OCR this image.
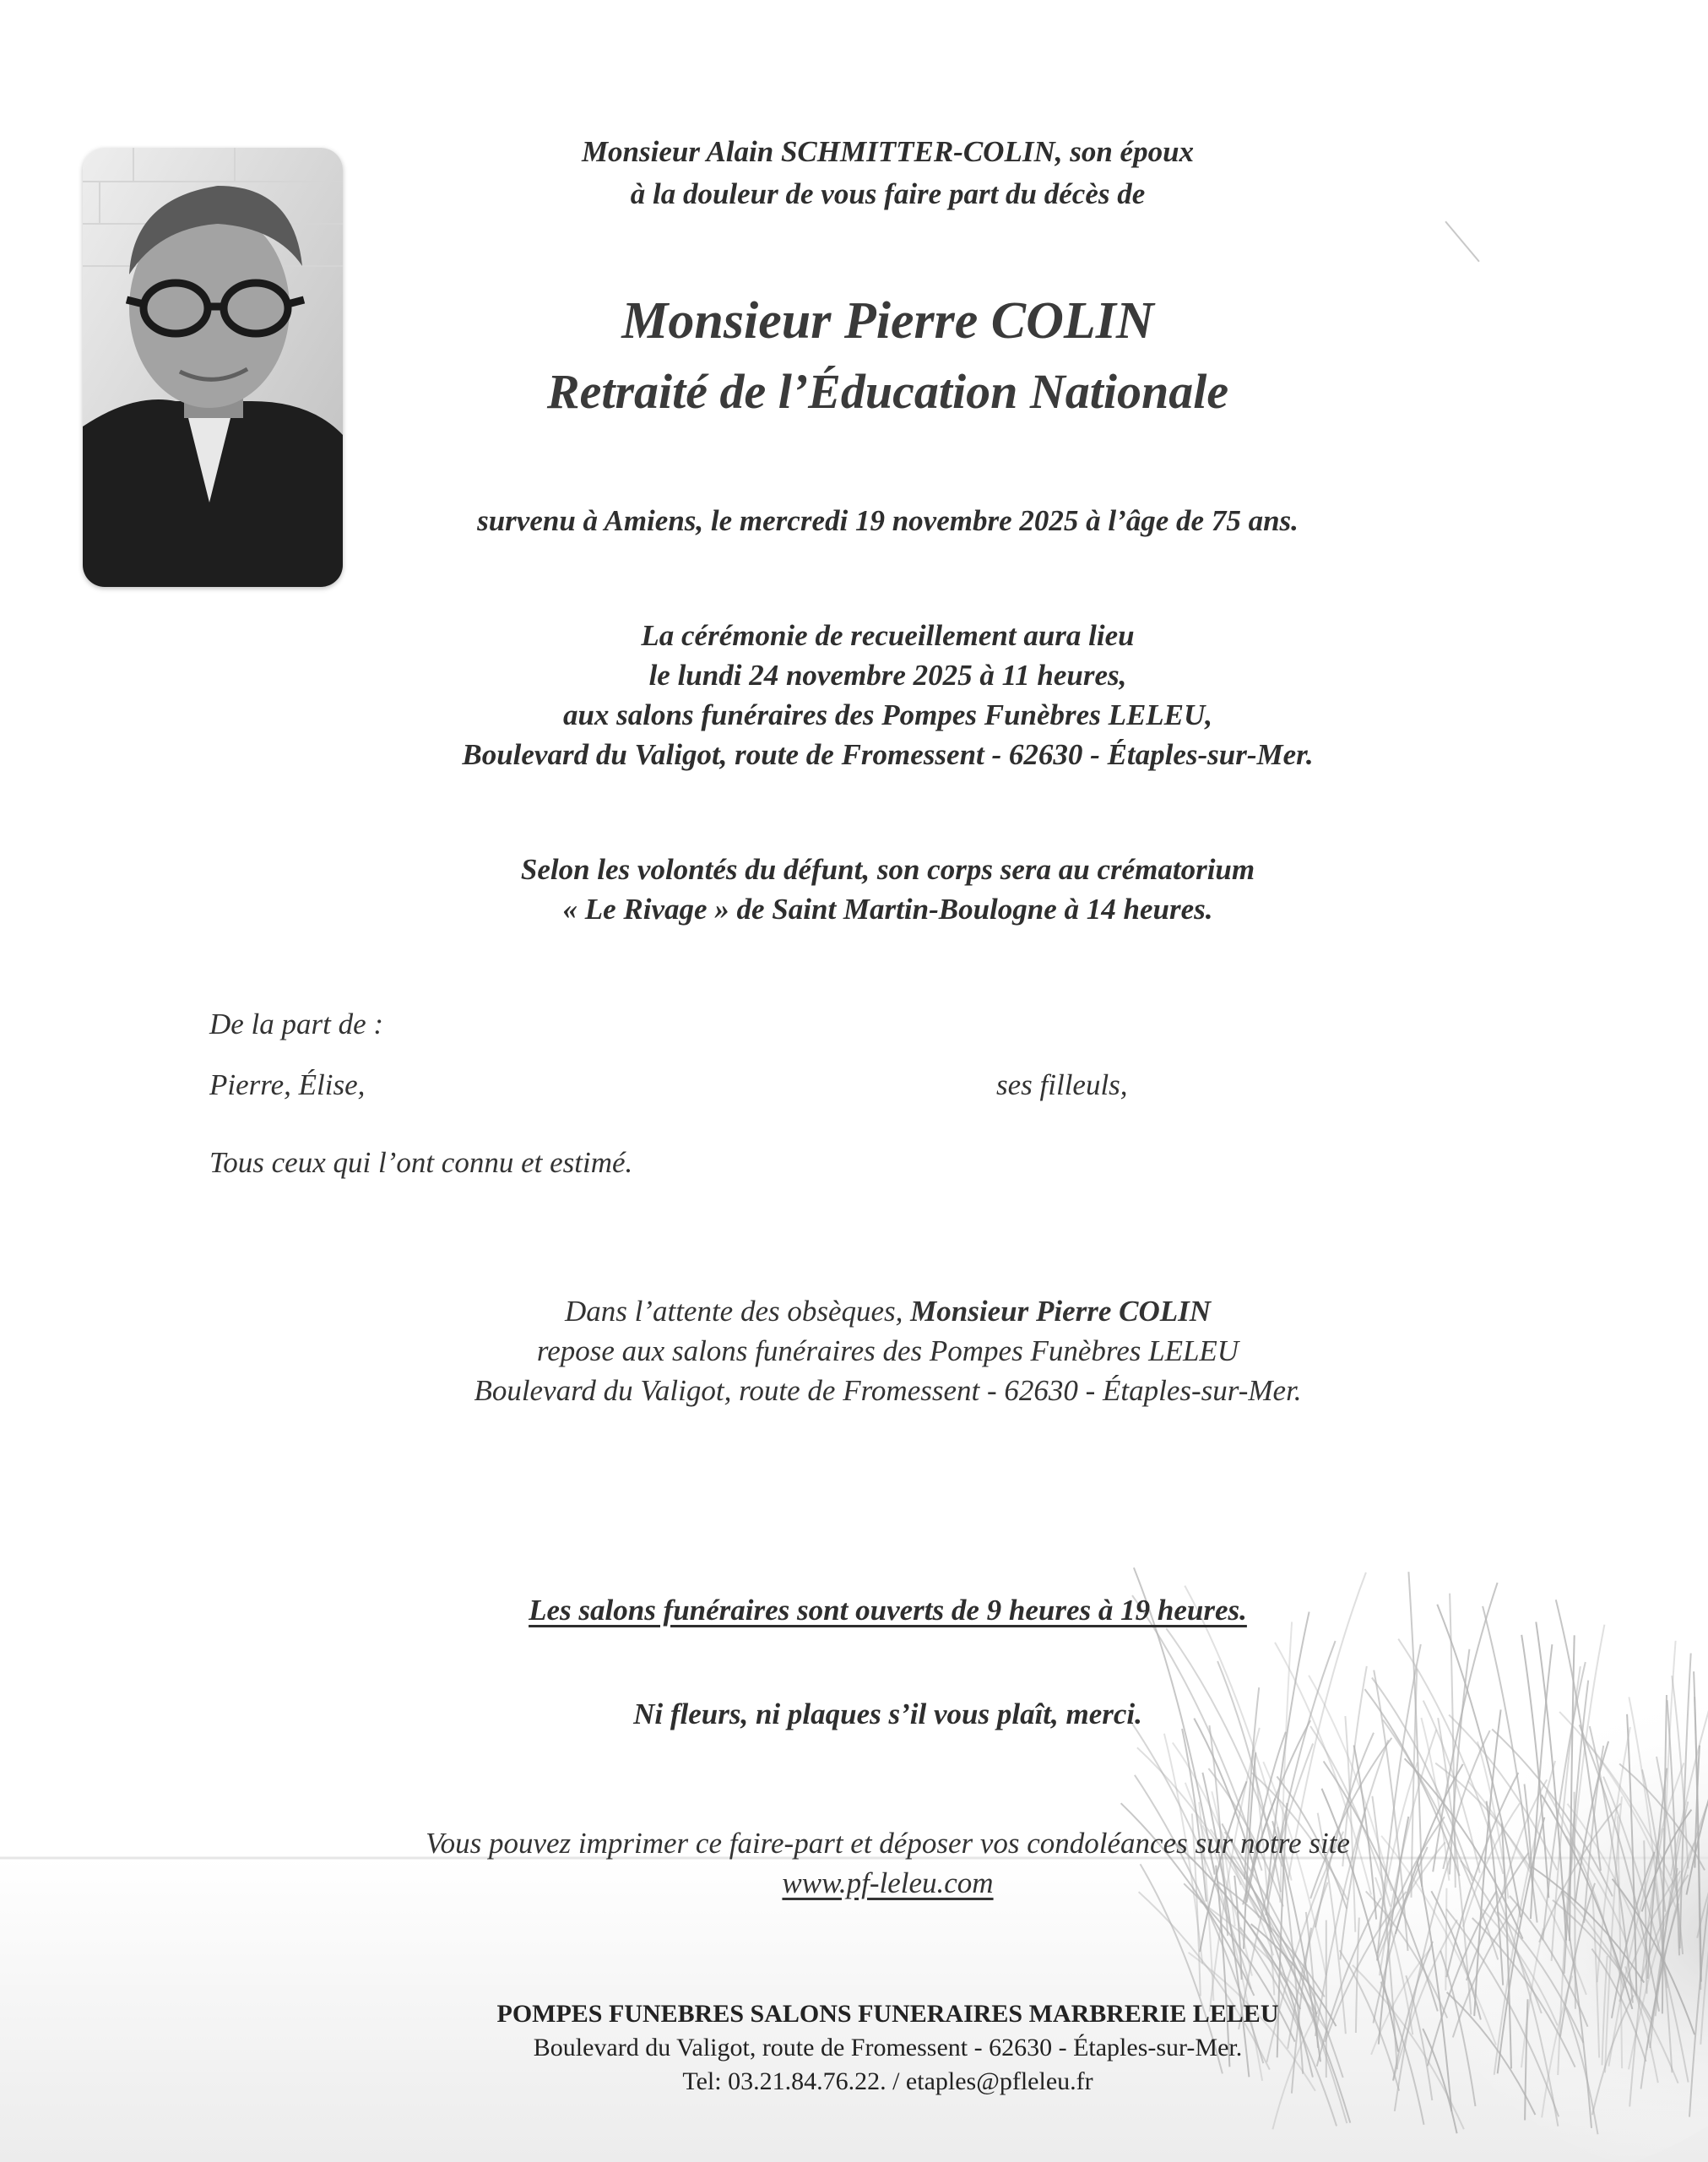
Monsieur Alain SCHMITTER-COLIN, son époux
à la douleur de vous faire part du décès de
Monsieur Pierre COLIN
Retraité de l’Éducation Nationale
survenu à Amiens, le mercredi 19 novembre 2025 à l’âge de 75 ans.
La cérémonie de recueillement aura lieu
le lundi 24 novembre 2025 à 11 heures,
aux salons funéraires des Pompes Funèbres LELEU,
Boulevard du Valigot, route de Fromessent - 62630 - Étaples-sur-Mer.
Selon les volontés du défunt, son corps sera au crématorium
« Le Rivage » de Saint Martin-Boulogne à 14 heures.
De la part de :
Pierre, Élise,	ses filleuls,
Tous ceux qui l’ont connu et estimé.
Dans l’attente des obsèques, Monsieur Pierre COLIN
repose aux salons funéraires des Pompes Funèbres LELEU
Boulevard du Valigot, route de Fromessent - 62630 - Étaples-sur-Mer.
Les salons funéraires sont ouverts de 9 heures à 19 heures.
Ni fleurs, ni plaques s’il vous plaît, merci.
Vous pouvez imprimer ce faire-part et déposer vos condoléances sur notre site
www.pf-leleu.com
POMPES FUNEBRES SALONS FUNERAIRES MARBRERIE LELEU
Boulevard du Valigot, route de Fromessent - 62630 - Étaples-sur-Mer.
Tel: 03.21.84.76.22. / etaples@pfleleu.fr
